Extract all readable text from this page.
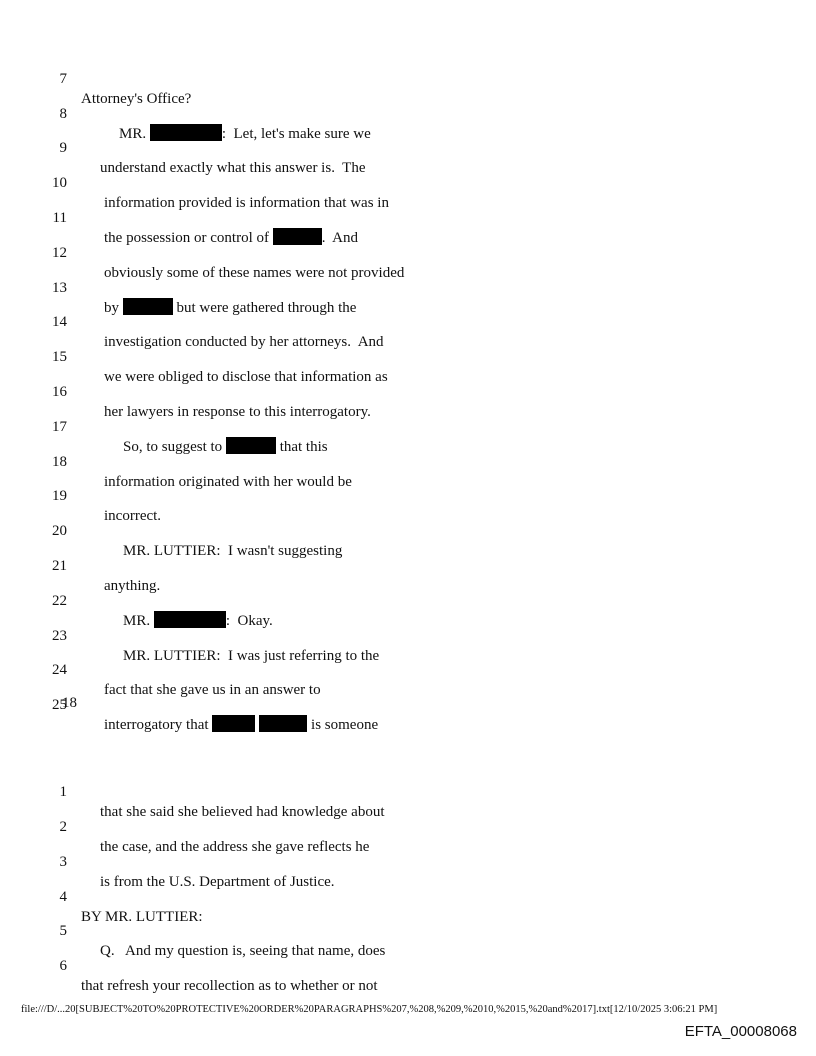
7

Attorney's Office?

8

MR.	:  Let, let's make sure we

9

understand exactly what this answer is.  The

10

information provided is information that was in

11

the possession or control of	.  And

12

obviously some of these names were not provided

13

by	but were gathered through the

14

investigation conducted by her attorneys.  And

15

we were obliged to disclose that information as

16

her lawyers in response to this interrogatory.

17

So, to suggest to	that this

18

information originated with her would be

19

incorrect.

20

MR. LUTTIER:  I wasn't suggesting

21

anything.

22

MR.	:  Okay.

23

MR. LUTTIER:  I was just referring to the

24

fact that she gave us in an answer to

25

interrogatory that	is someone

18

1

that she said she believed had knowledge about

2

the case, and the address she gave reflects he

3

is from the U.S. Department of Justice.

4

BY MR. LUTTIER:

5

Q.   And my question is, seeing that name, does

6

that refresh your recollection as to whether or not

file:///D/...20[SUBJECT%20TO%20PROTECTIVE%20ORDER%20PARAGRAPHS%207,%208,%209,%2010,%2015,%20and%2017].txt[12/10/2025 3:06:21 PM]
EFTA_00008068
